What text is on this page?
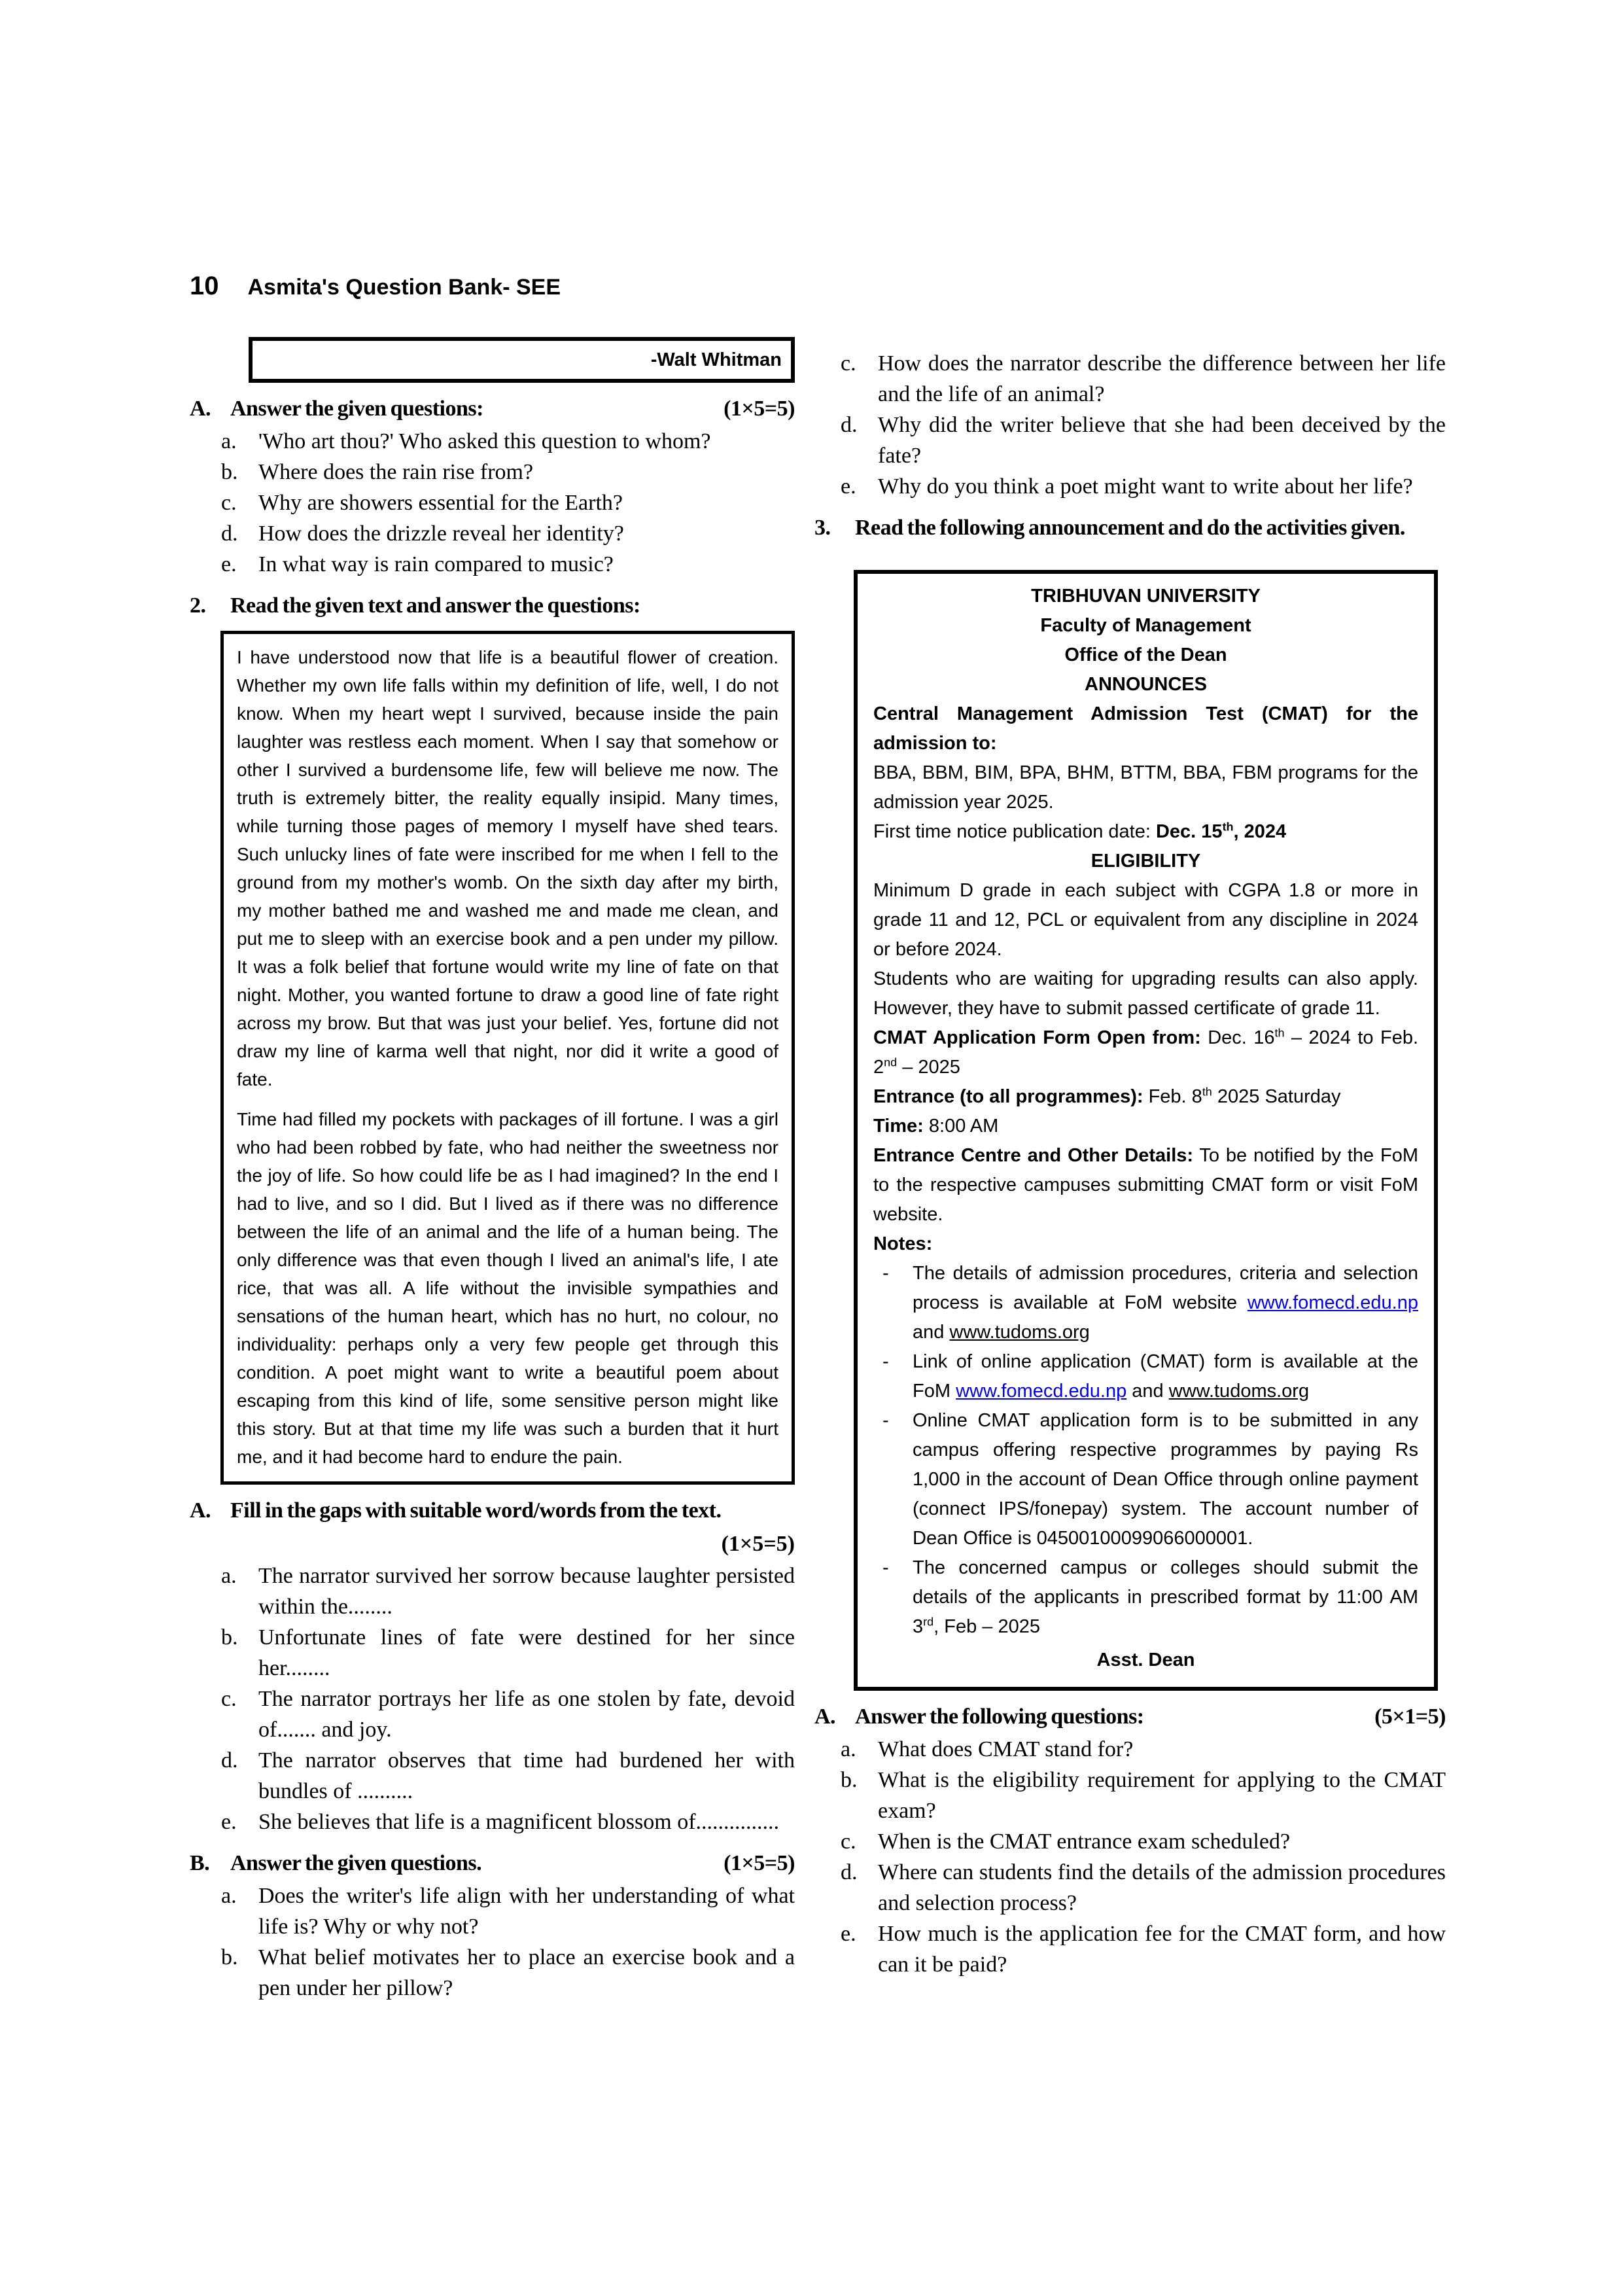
10 Asmita's Question Bank- SEE
-Walt Whitman
A. Answer the given questions:	(1×5=5)
a. 'Who art thou?' Who asked this question to whom?
b. Where does the rain rise from?
c. Why are showers essential for the Earth?
d. How does the drizzle reveal her identity?
e. In what way is rain compared to music?
2.	Read the given text and answer the questions:

I have understood now that life is a beautiful flower of creation. Whether my own life falls within my definition of life, well, I do not know. When my heart wept I survived, because inside the pain laughter was restless each moment. When I say that somehow or other I survived a burdensome life, few will believe me now. The truth is extremely bitter, the reality equally insipid. Many times, while turning those pages of memory I myself have shed tears. Such unlucky lines of fate were inscribed for me when I fell to the ground from my mother's womb. On the sixth day after my birth, my mother bathed me and washed me and made me clean, and put me to sleep with an exercise book and a pen under my pillow. It was a folk belief that fortune would write my line of fate on that night. Mother, you wanted fortune to draw a good line of fate right across my brow. But that was just your belief. Yes, fortune did not draw my line of karma well that night, nor did it write a good of fate.

Time had filled my pockets with packages of ill fortune. I was a girl who had been robbed by fate, who had neither the sweetness nor the joy of life. So how could life be as I had imagined? In the end I had to live, and so I did. But I lived as if there was no difference between the life of an animal and the life of a human being. The only difference was that even though I lived an animal's life, I ate rice, that was all. A life without the invisible sympathies and sensations of the human heart, which has no hurt, no colour, no individuality: perhaps only a very few people get through this condition. A poet might want to write a beautiful poem about escaping from this kind of life, some sensitive person might like this story. But at that time my life was such a burden that it hurt me, and it had become hard to endure the pain.

A. Fill in the gaps with suitable word/words from the text.
(1×5=5)
a. The narrator survived her sorrow because laughter persisted within the........
b. Unfortunate lines of fate were destined for her since her........
c. The narrator portrays her life as one stolen by fate, devoid of....... and joy.
d. The narrator observes that time had burdened her with bundles of ..........
e. She believes that life is a magnificent blossom of...............
B. Answer the given questions.	(1×5=5)
a. Does the writer's life align with her understanding of what life is? Why or why not?
b. What belief motivates her to place an exercise book and a pen under her pillow?
c. How does the narrator describe the difference between her life and the life of an animal?
d. Why did the writer believe that she had been deceived by the fate?
e. Why do you think a poet might want to write about her life?
3.	Read the following announcement and do the activities given.

TRIBHUVAN UNIVERSITY

Faculty of Management

Office of the Dean

ANNOUNCES

Central Management Admission Test (CMAT) for the admission to:

BBA, BBM, BIM, BPA, BHM, BTTM, BBA, FBM programs for the admission year 2025.

First time notice publication date: Dec. 15th, 2024

ELIGIBILITY

Minimum D grade in each subject with CGPA 1.8 or more in grade 11 and 12, PCL or equivalent from any discipline in 2024 or before 2024.

Students who are waiting for upgrading results can also apply. However, they have to submit passed certificate of grade 11.

CMAT Application Form Open from: Dec. 16th – 2024 to Feb. 2nd – 2025

Entrance (to all programmes): Feb. 8th 2025 Saturday

Time: 8:00 AM

Entrance Centre and Other Details: To be notified by the FoM to the respective campuses submitting CMAT form or visit FoM website.

Notes:

-	The details of admission procedures, criteria and selection process is available at FoM website www.fomecd.edu.np and www.tudoms.org

-	Link of online application (CMAT) form is available at the FoM www.fomecd.edu.np and www.tudoms.org

-	Online CMAT application form is to be submitted in any campus offering respective programmes by paying Rs 1,000 in the account of Dean Office through online payment (connect IPS/fonepay) system. The account number of Dean Office is 04500100099066000001.

-	The concerned campus or colleges should submit the details of the applicants in prescribed format by 11:00 AM 3rd, Feb – 2025

Asst. Dean

A. Answer the following questions:	(5×1=5)
a. What does CMAT stand for?
b. What is the eligibility requirement for applying to the CMAT exam?
c. When is the CMAT entrance exam scheduled?
d. Where can students find the details of the admission procedures and selection process?
e. How much is the application fee for the CMAT form, and how can it be paid?
